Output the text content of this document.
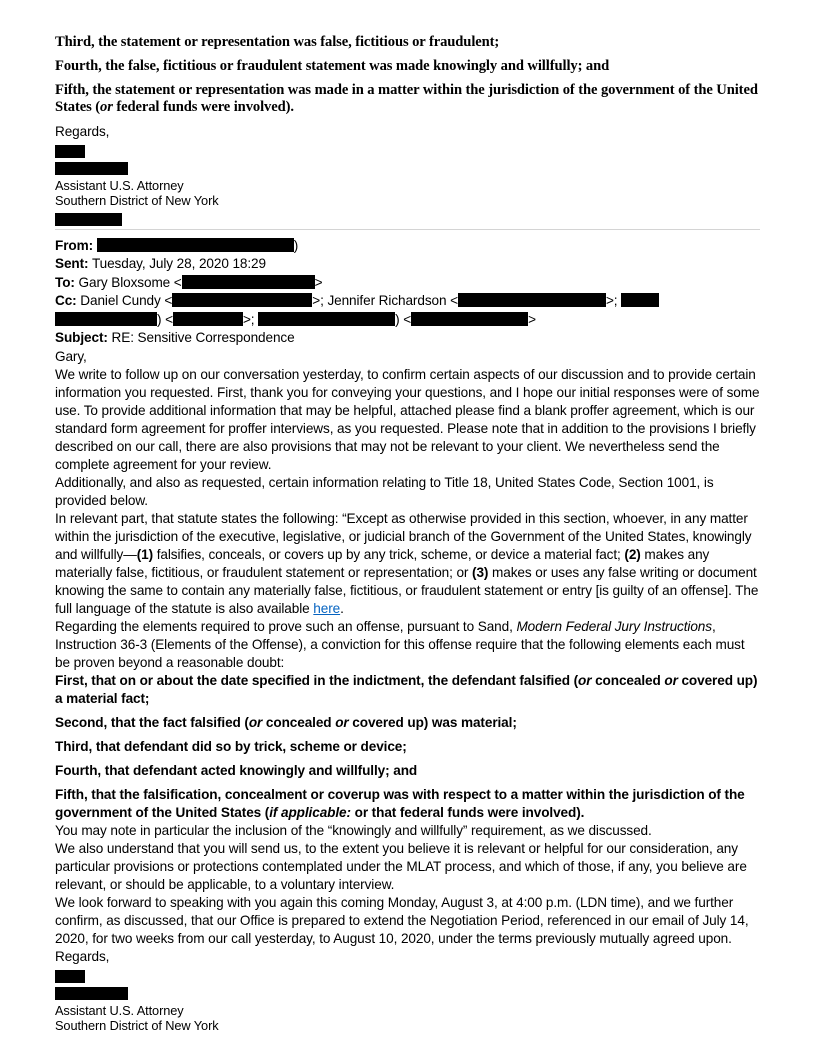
Third, the statement or representation was false, fictitious or fraudulent;

Fourth, the false, fictitious or fraudulent statement was made knowingly and willfully; and

Fifth, the statement or representation was made in a matter within the jurisdiction of the government of the United States (or federal funds were involved).

Regards,

Assistant U.S. Attorney

Southern District of New York

From:	)

Sent: Tuesday, July 28, 2020 18:29

To: Gary Bloxsome <	>

Cc: Daniel Cundy <	>; Jennifer Richardson <	>;

) <	>;	) <	>

Subject: RE: Sensitive Correspondence

Gary,

We write to follow up on our conversation yesterday, to confirm certain aspects of our discussion and to provide certain information you requested. First, thank you for conveying your questions, and I hope our initial responses were of some use. To provide additional information that may be helpful, attached please find a blank proffer agreement, which is our standard form agreement for proffer interviews, as you requested. Please note that in addition to the provisions I briefly described on our call, there are also provisions that may not be relevant to your client. We nevertheless send the complete agreement for your review.

Additionally, and also as requested, certain information relating to Title 18, United States Code, Section 1001, is provided below.

In relevant part, that statute states the following: “Except as otherwise provided in this section, whoever, in any matter within the jurisdiction of the executive, legislative, or judicial branch of the Government of the United States, knowingly and willfully—(1) falsifies, conceals, or covers up by any trick, scheme, or device a material fact; (2) makes any materially false, fictitious, or fraudulent statement or representation; or (3) makes or uses any false writing or document knowing the same to contain any materially false, fictitious, or fraudulent statement or entry [is guilty of an offense]. The full language of the statute is also available here.

Regarding the elements required to prove such an offense, pursuant to Sand, Modern Federal Jury Instructions, Instruction 36-3 (Elements of the Offense), a conviction for this offense require that the following elements each must be proven beyond a reasonable doubt:

First, that on or about the date specified in the indictment, the defendant falsified (or concealed or covered up) a material fact;

Second, that the fact falsified (or concealed or covered up) was material;

Third, that defendant did so by trick, scheme or device;

Fourth, that defendant acted knowingly and willfully; and

Fifth, that the falsification, concealment or coverup was with respect to a matter within the jurisdiction of the government of the United States (if applicable: or that federal funds were involved).

You may note in particular the inclusion of the “knowingly and willfully” requirement, as we discussed.

We also understand that you will send us, to the extent you believe it is relevant or helpful for our consideration, any particular provisions or protections contemplated under the MLAT process, and which of those, if any, you believe are relevant, or should be applicable, to a voluntary interview.

We look forward to speaking with you again this coming Monday, August 3, at 4:00 p.m. (LDN time), and we further confirm, as discussed, that our Office is prepared to extend the Negotiation Period, referenced in our email of July 14, 2020, for two weeks from our call yesterday, to August 10, 2020, under the terms previously mutually agreed upon.

Regards,

Assistant U.S. Attorney

Southern District of New York
